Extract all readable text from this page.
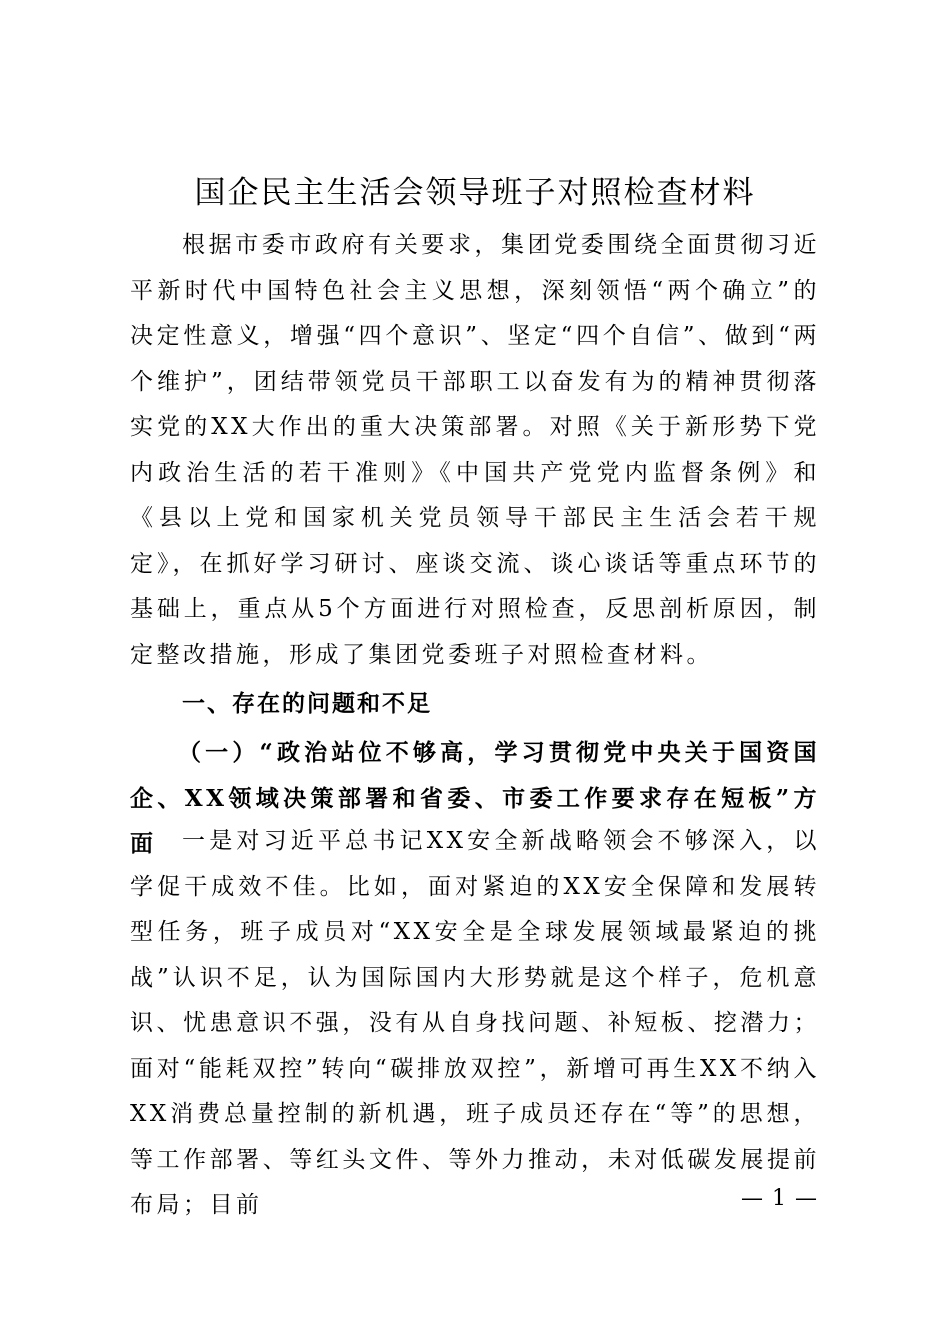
国企民主生活会领导班子对照检查材料

根据市委市政府有关要求，集团党委围绕全面贯彻习近平新时代中国特色社会主义思想，深刻领悟“两个确立”的决定性意义，增强“四个意识”、坚定“四个自信”、做到“两个维护”，团结带领党员干部职工以奋发有为的精神贯彻落实党的XX大作出的重大决策部署。对照《关于新形势下党内政治生活的若干准则》《中国共产党党内监督条例》和《县以上党和国家机关党员领导干部民主生活会若干规定》，在抓好学习研讨、座谈交流、谈心谈话等重点环节的基础上，重点从5个方面进行对照检查，反思剖析原因，制定整改措施，形成了集团党委班子对照检查材料。

一、存在的问题和不足

（一）“政治站位不够高，学习贯彻党中央关于国资国企、XX领域决策部署和省委、市委工作要求存在短板”方面	一是对习近平总书记XX安全新战略领会不够深入，以学促干成效不佳。比如，面对紧迫的XX安全保障和发展转型任务，班子成员对“XX安全是全球发展领域最紧迫的挑战”认识不足，认为国际国内大形势就是这个样子，危机意识、忧患意识不强，没有从自身找问题、补短板、挖潜力；面对“能耗双控”转向“碳排放双控”，新增可再生XX不纳入XX消费总量控制的新机遇，班子成员还存在“等”的思想，等工作部署、等红头文件、等外力推动，未对低碳发展提前布局；目前	— 1 —
